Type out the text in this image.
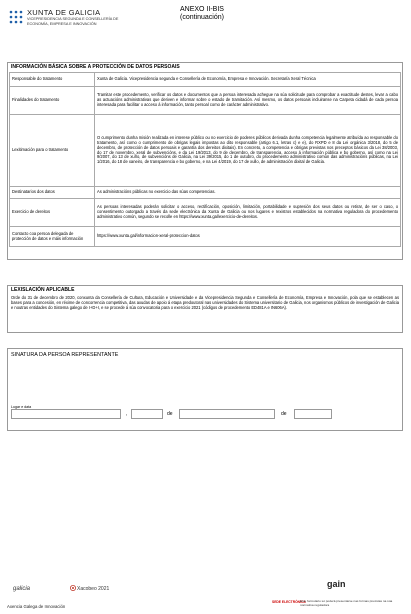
XUNTA DE GALICIA
VICEPRESIDENCIA SEGUNDA E CONSELLERÍA DE ECONOMÍA, EMPRESA E INNOVACIÓN
ANEXO II-BIS
(continuación)
INFORMACIÓN BÁSICA SOBRE A PROTECCIÓN DE DATOS PERSOAIS
Responsable do tratamento	Xunta de Galicia. Vicepresidencia segunda e Consellería de Economía, Empresa e Innovación. Secretaría Xeral Técnica
Finalidades do tratamento	Tramitar este procedemento, verificar os datos e documentos que a persoa interesada achegue na súa solicitude para comprobar a exactitude destes, levar a cabo as actuacións administrativas que deriven e informar sobre o estado de tramitación. Así mesmo, os datos persoais incluiranse na Carpeta cidadá de cada persoa interesada para facilitar o acceso á información, tanto persoal como de carácter administrativo.
Lexitimación para o tratamento	O cumprimento dunha misión realizada en interese público ou no exercicio de poderes públicos derivada dunha competencia legalmente atribuída ao responsable do tratamento, así como o cumprimento de obrigas legais impostas ao dito responsable (artigo 6.1, letras c) e e), do RXPD e 8 da Lei orgánica 3/2018, do 5 de decembro, de protección de datos persoais e garantía dos dereitos dixitais). En concreto, a competencia e obrigas previstas nos preceptos básicos da Lei 38/2003, do 17 de novembro, xeral de subvencións, e da Lei 19/2013, do 9 de decembro, de transparencia, acceso á información pública e bo goberno, así como na Lei 9/2007, do 13 de xuño, de subvencións de Galicia, na Lei 39/2015, do 1 de outubro, do procedemento administrativo común das administracións públicas, na Lei 1/2016, do 18 de xaneiro, de transparencia e bo goberno, e na Lei 4/2019, do 17 de xullo, de administración dixital de Galicia.
Destinatarios dos datos	As administracións públicas no exercicio das súas competencias.
Exercicio de dereitos	As persoas interesadas poderán solicitar o acceso, rectificación, oposición, limitación, portabilidade e supresión dos seus datos ou retirar, de ser o caso, o consentimento outorgado a través da sede electrónica da Xunta de Galicia ou nos lugares e rexistros establecidos na normativa reguladora do procedemento administrativo común, segundo se recolle en https://www.xunta.gal/exercicio-de-dereitos.
Contacto coa persoa delegada de protección de datos e máis información	https://www.xunta.gal/informacion-xeral-proteccion-datos
LEXISLACIÓN APLICABLE
Orde do 31 de decembro de 2020, conxunta da Consellería de Cultura, Educación e Universidade e da Vicepresidencia Segunda e Consellería de Economía, Empresa e Innovación, pola que se establecen as bases para a concesión, en réxime de concorrencia competitiva, das axudas de apoio á etapa predoutoral nas universidades do Sistema universitario de Galicia, nos organismos públicos de investigación de Galicia e noutras entidades do Sistema galego de I+D+I, e se procede á súa convocatoria para o exercicio 2021 (códigos de procedemento ED481A e IN606A).
SINATURA DA PERSOA REPRESENTANTE
Lugar e data
,	de	de
galicia	Xacobeo 2021	gain
Axencia Galega de Innovación
SEDE ELECTRÓNICA
Este formulario só poderá presentarse nas formas previstas na súa normativa reguladora
